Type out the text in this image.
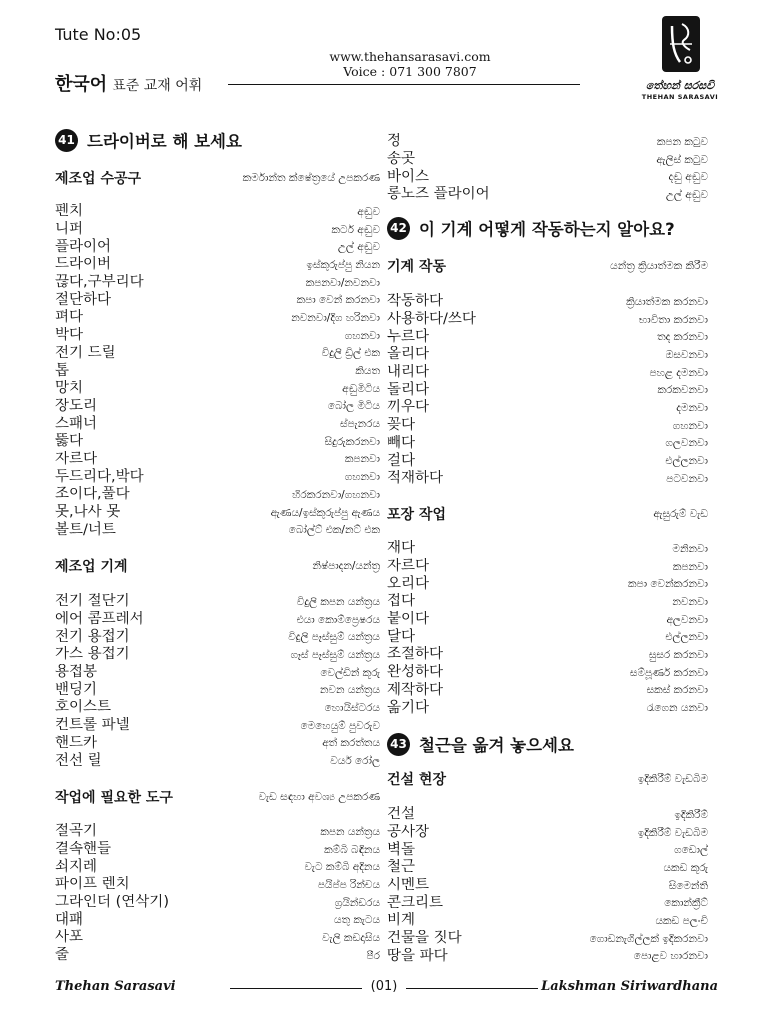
Tute No:05
www.thehansarasavi.com
Voice : 071 300 7807
한국어 표준 교재 어휘	තේහන් සරසවි
THEHAN SARASAVI
41 드라이버로 해 보세요
제조업 수공구	කර්මාන්ත ක්ෂේත්‍රයේ උපකරණ
펜치	අඬුව
니퍼	කටර් අඬුව
플라이어	උල් අඬුව
드라이버	ඉස්කුරුප්පු නියන
끊다,구부리다	කපනවා/නවනවා
절단하다	කපා වෙන් කරනවා
펴다	නවනවා/දිග හරිනවා
박다	ගහනවා
전기 드릴	විදුලි ඩ්‍රිල් එක
톱	කියත
망치	අඬුමිටිය
장도리	බෝල මිටිය
스패너	ස්පැනරය
뚫다	සිදුරුකරනවා
자르다	කපනවා
두드리다,박다	ගහනවා
조이다,풀다	හිරකරනවා/ගහනවා
못,나사 못	ඇණය/ඉස්කුරුප්පු ඇණය
볼트/너트	බෝල්ට් එක/නට් එක
제조업 기계	නිෂ්පාදන/යන්ත්‍ර
전기 절단기	විදුලි කපන යන්ත්‍රය
에어 콤프레서	එයා කොම්ප්‍රෙෂරය
전기 용접기	විදුලි පෑස්සුම් යන්ත්‍රය
가스 용접기	ගෑස් පෑස්සුම් යන්ත්‍රය
용접봉	වෙල්ඩින් කූරු
밴딩기	නවන යන්ත්‍රය
호이스트	හොයිස්ටරය
컨트롤 파넬	මෙහෙයුම් පුවරුව
핸드카	අත් කරත්තය
전선 릴	වයර් රෝල
작업에 필요한 도구	වැඩ සඳහා අවශ්‍ය උපකරණ
절곡기	කපන යන්ත්‍රය
결속핸들	කම්බි බඳිනය
쇠지레	වැට කම්බි අදිනය
파이프 렌치	පයිප්ප රින්චය
그라인더 (연삭기)	ග්‍රයින්ඩරය
대패	යතු කැටය
사포	වැලි කඩදාසිය
줄	පීර
정	කපන කටුව
송곳	ඇලිස් කටුව
바이스	දඬු අඬුව
롱노즈 플라이어	උල් අඬුව
42 이 기계 어떻게 작동하는지 알아요?
기계 작동	යන්ත්‍ර ක්‍රියාත්මක කිරීම
작동하다	ක්‍රියාත්මක කරනවා
사용하다/쓰다	භාවිතා කරනවා
누르다	තද කරනවා
올리다	ඔසවනවා
내리다	පහළ දමනවා
돌리다	කරකවනවා
끼우다	දමනවා
꽂다	ගහනවා
빼다	ගලවනවා
걸다	එල්ලනවා
적재하다	පටවනවා
포장 작업	ඇසුරුම් වැඩ
재다	මනිනවා
자르다	කපනවා
오리다	කපා වෙන්කරනවා
접다	නවනවා
붙이다	අලවනවා
달다	එල්ලනවා
조절하다	සුසර කරනවා
완성하다	සම්පූර්ණ කරනවා
제작하다	සකස් කරනවා
옮기다	රැගෙන යනවා
43 철근을 옮겨 놓으세요
건설 현장	ඉදිකිරීම් වැඩබිම
건설	ඉදිකිරීම්
공사장	ඉදිකිරීම් වැඩබිම
벽돌	ගඩොල්
철근	යකඩ කූරු
시멘트	සිමෙන්ති
콘크리트	කොන්ක්‍රීට්
비계	යකඩ පලංචි
건물을 짓다	ගොඩනැගිල්ලක් ඉදිකරනවා
땅을 파다	පොළව හාරනවා
Thehan Sarasavi	(01)	Lakshman Siriwardhana
